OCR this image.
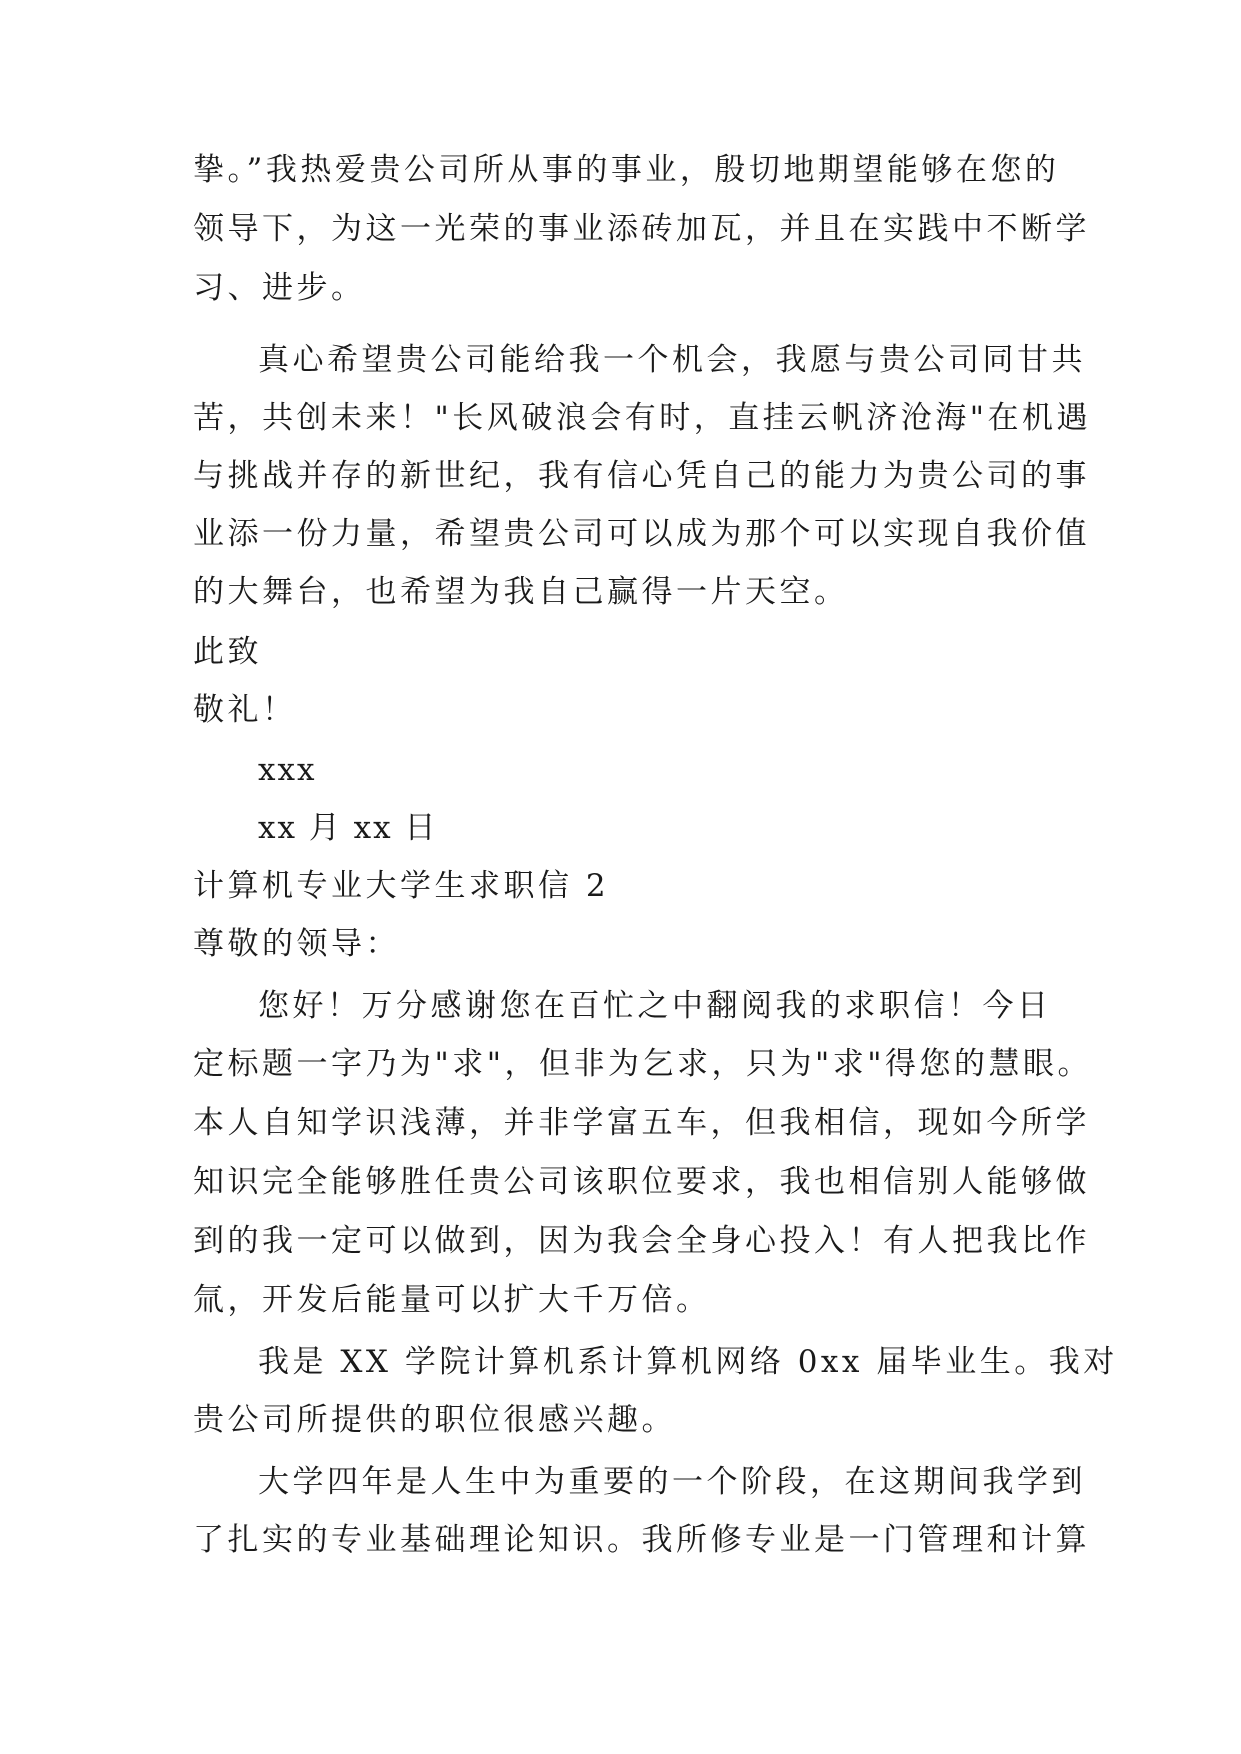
挚。”我热爱贵公司所从事的事业，殷切地期望能够在您的
领导下，为这一光荣的事业添砖加瓦，并且在实践中不断学
习、进步。
真心希望贵公司能给我一个机会，我愿与贵公司同甘共
苦，共创未来！"长风破浪会有时，直挂云帆济沧海"在机遇
与挑战并存的新世纪，我有信心凭自己的能力为贵公司的事
业添一份力量，希望贵公司可以成为那个可以实现自我价值
的大舞台，也希望为我自己赢得一片天空。
此致
敬礼！
xxx
xx 月 xx 日
计算机专业大学生求职信 2
尊敬的领导：
您好！万分感谢您在百忙之中翻阅我的求职信！今日
定标题一字乃为"求"，但非为乞求，只为"求"得您的慧眼。
本人自知学识浅薄，并非学富五车，但我相信，现如今所学
知识完全能够胜任贵公司该职位要求，我也相信别人能够做
到的我一定可以做到，因为我会全身心投入！有人把我比作
氚，开发后能量可以扩大千万倍。
我是 XX 学院计算机系计算机网络 0xx 届毕业生。我对
贵公司所提供的职位很感兴趣。
大学四年是人生中为重要的一个阶段，在这期间我学到
了扎实的专业基础理论知识。我所修专业是一门管理和计算
